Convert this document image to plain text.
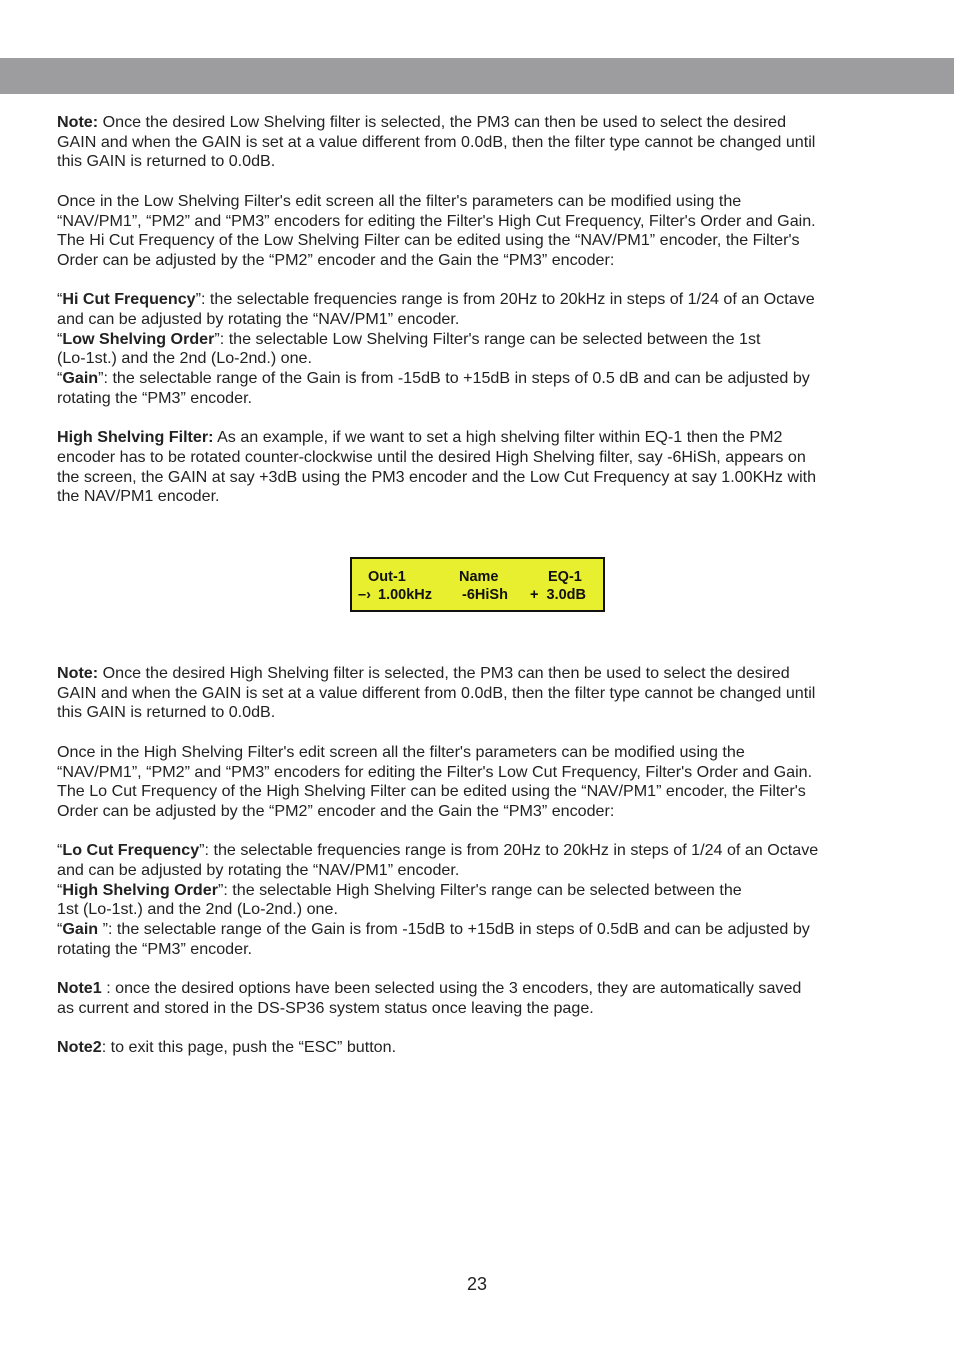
Note: Once the desired Low Shelving filter is selected, the PM3 can then be used to select the desired

GAIN and when the GAIN is set at a value different from 0.0dB, then the filter type cannot be changed until

this GAIN is returned to 0.0dB.

Once in the Low Shelving Filter's edit screen all the filter's parameters can be modified using the

“NAV/PM1”, “PM2” and “PM3” encoders for editing the Filter's High Cut Frequency, Filter's Order and Gain.

The Hi Cut Frequency of the Low Shelving Filter can be edited using the “NAV/PM1” encoder, the Filter's

Order can be adjusted by the “PM2” encoder and the Gain the “PM3” encoder:

“Hi Cut Frequency”: the selectable frequencies range is from 20Hz to 20kHz in steps of 1/24 of an Octave

and can be adjusted by rotating the “NAV/PM1” encoder.

“Low Shelving Order”: the selectable Low Shelving Filter's range can be selected between the 1st

(Lo-1st.) and the 2nd (Lo-2nd.) one.

“Gain”: the selectable range of the Gain is from -15dB to +15dB in steps of 0.5 dB and can be adjusted by

rotating the “PM3” encoder.

High Shelving Filter: As an example, if we want to set a high shelving filter within EQ-1 then the PM2

encoder has to be rotated counter-clockwise until the desired High Shelving filter, say -6HiSh, appears on

the screen, the GAIN at say +3dB using the PM3 encoder and the Low Cut Frequency at say 1.00KHz with

the NAV/PM1 encoder.

Out-1	Name	EQ-1
–› 1.00kHz -6HiSh +  3.0dB

Note: Once the desired High Shelving filter is selected, the PM3 can then be used to select the desired

GAIN and when the GAIN is set at a value different from 0.0dB, then the filter type cannot be changed until

this GAIN is returned to 0.0dB.

Once in the High Shelving Filter's edit screen all the filter's parameters can be modified using the

“NAV/PM1”, “PM2” and “PM3” encoders for editing the Filter's Low Cut Frequency, Filter's Order and Gain.

The Lo Cut Frequency of the High Shelving Filter can be edited using the “NAV/PM1” encoder, the Filter's

Order can be adjusted by the “PM2” encoder and the Gain the “PM3” encoder:

“Lo Cut Frequency”: the selectable frequencies range is from 20Hz to 20kHz in steps of 1/24 of an Octave

and can be adjusted by rotating the “NAV/PM1” encoder.

“High Shelving Order”: the selectable High Shelving Filter's range can be selected between the

1st (Lo-1st.) and the 2nd (Lo-2nd.) one.

“Gain ”: the selectable range of the Gain is from -15dB to +15dB in steps of 0.5dB and can be adjusted by

rotating the “PM3” encoder.

Note1 : once the desired options have been selected using the 3 encoders, they are automatically saved

as current and stored in the DS-SP36 system status once leaving the page.

Note2: to exit this page, push the “ESC” button.

23
